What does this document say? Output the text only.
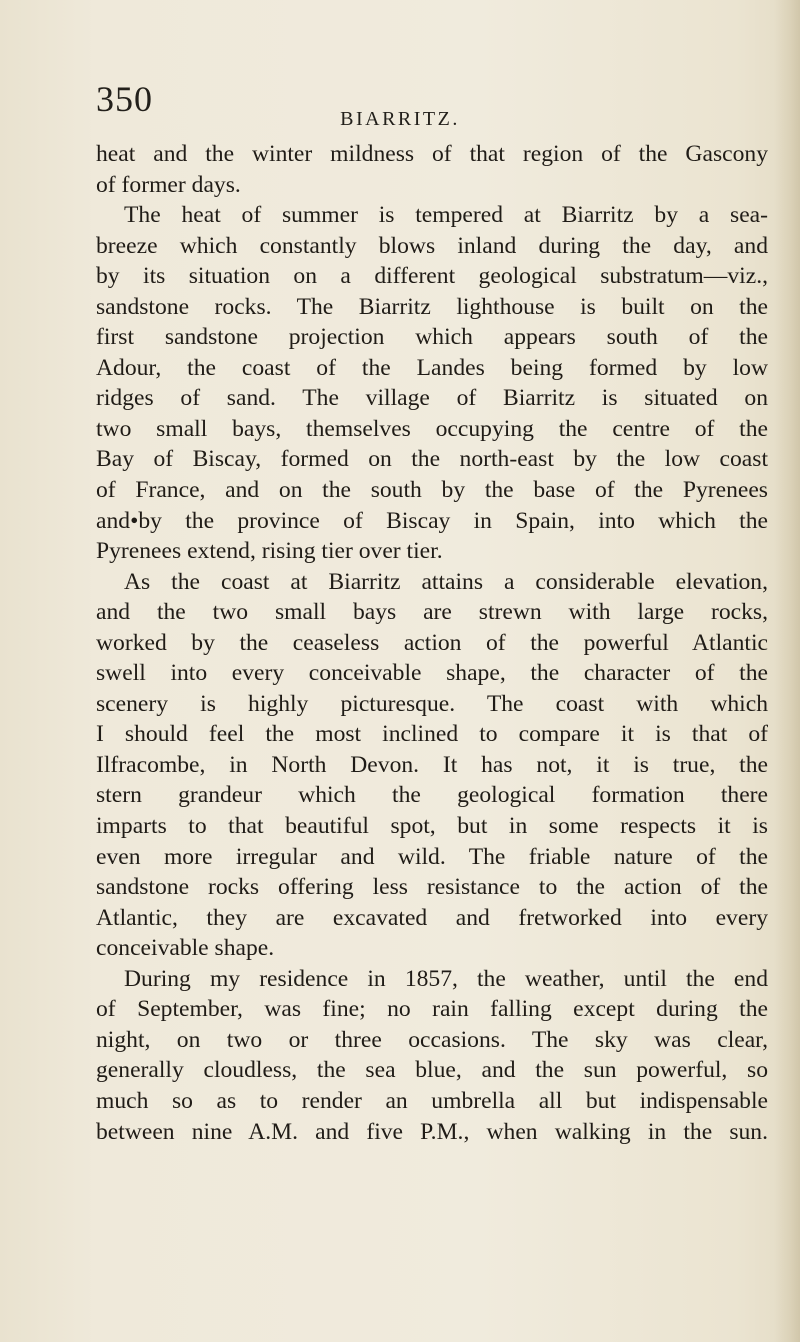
350	BIARRITZ.

heat and the winter mildness of that region of the Gascony
of former days.
The heat of summer is tempered at Biarritz by a sea-
breeze which constantly blows inland during the day, and
by its situation on a different geological substratum—viz.,
sandstone rocks. The Biarritz lighthouse is built on the
first sandstone projection which appears south of the
Adour, the coast of the Landes being formed by low
ridges of sand. The village of Biarritz is situated on
two small bays, themselves occupying the centre of the
Bay of Biscay, formed on the north-east by the low coast
of France, and on the south by the base of the Pyrenees
and•by the province of Biscay in Spain, into which the
Pyrenees extend, rising tier over tier.
As the coast at Biarritz attains a considerable elevation,
and the two small bays are strewn with large rocks,
worked by the ceaseless action of the powerful Atlantic
swell into every conceivable shape, the character of the
scenery is highly picturesque. The coast with which
I should feel the most inclined to compare it is that of
Ilfracombe, in North Devon. It has not, it is true, the
stern grandeur which the geological formation there
imparts to that beautiful spot, but in some respects it is
even more irregular and wild. The friable nature of the
sandstone rocks offering less resistance to the action of the
Atlantic, they are excavated and fretworked into every
conceivable shape.
During my residence in 1857, the weather, until the end
of September, was fine; no rain falling except during the
night, on two or three occasions. The sky was clear,
generally cloudless, the sea blue, and the sun powerful, so
much so as to render an umbrella all but indispensable
between nine A.M. and five P.M., when walking in the sun.
